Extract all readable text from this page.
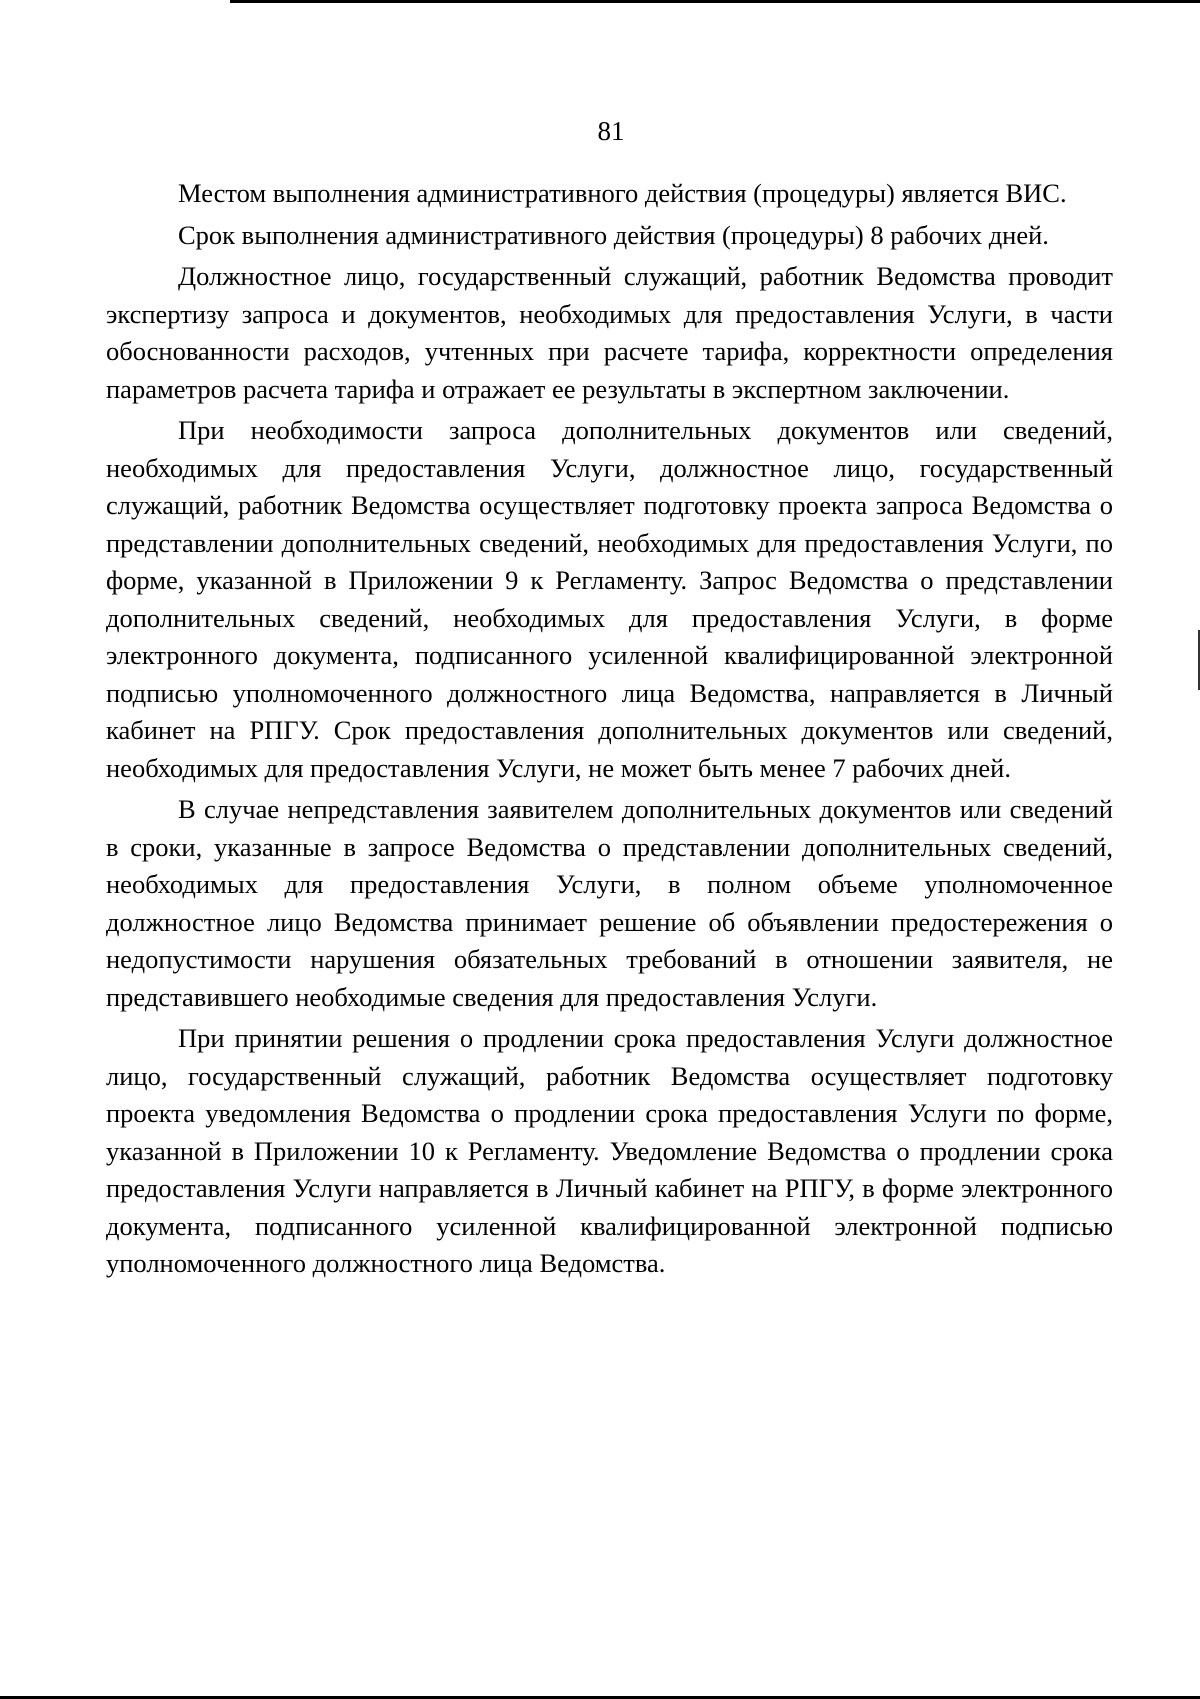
81

Местом выполнения административного действия (процедуры) является ВИС.

Срок выполнения административного действия (процедуры) 8 рабочих дней.

Должностное лицо, государственный служащий, работник Ведомства проводит экспертизу запроса и документов, необходимых для предоставления Услуги, в части обоснованности расходов, учтенных при расчете тарифа, корректности определения параметров расчета тарифа и отражает ее результаты в экспертном заключении.

При необходимости запроса дополнительных документов или сведений, необходимых для предоставления Услуги, должностное лицо, государственный служащий, работник Ведомства осуществляет подготовку проекта запроса Ведомства о представлении дополнительных сведений, необходимых для предоставления Услуги, по форме, указанной в Приложении 9 к Регламенту. Запрос Ведомства о представлении дополнительных сведений, необходимых для предоставления Услуги, в форме электронного документа, подписанного усиленной квалифицированной электронной подписью уполномоченного должностного лица Ведомства, направляется в Личный кабинет на РПГУ. Срок предоставления дополнительных документов или сведений, необходимых для предоставления Услуги, не может быть менее 7 рабочих дней.

В случае непредставления заявителем дополнительных документов или сведений в сроки, указанные в запросе Ведомства о представлении дополнительных сведений, необходимых для предоставления Услуги, в полном объеме уполномоченное должностное лицо Ведомства принимает решение об объявлении предостережения о недопустимости нарушения обязательных требований в отношении заявителя, не представившего необходимые сведения для предоставления Услуги.

При принятии решения о продлении срока предоставления Услуги должностное лицо, государственный служащий, работник Ведомства осуществляет подготовку проекта уведомления Ведомства о продлении срока предоставления Услуги по форме, указанной в Приложении 10 к Регламенту. Уведомление Ведомства о продлении срока предоставления Услуги направляется в Личный кабинет на РПГУ, в форме электронного документа, подписанного усиленной квалифицированной электронной подписью уполномоченного должностного лица Ведомства.
